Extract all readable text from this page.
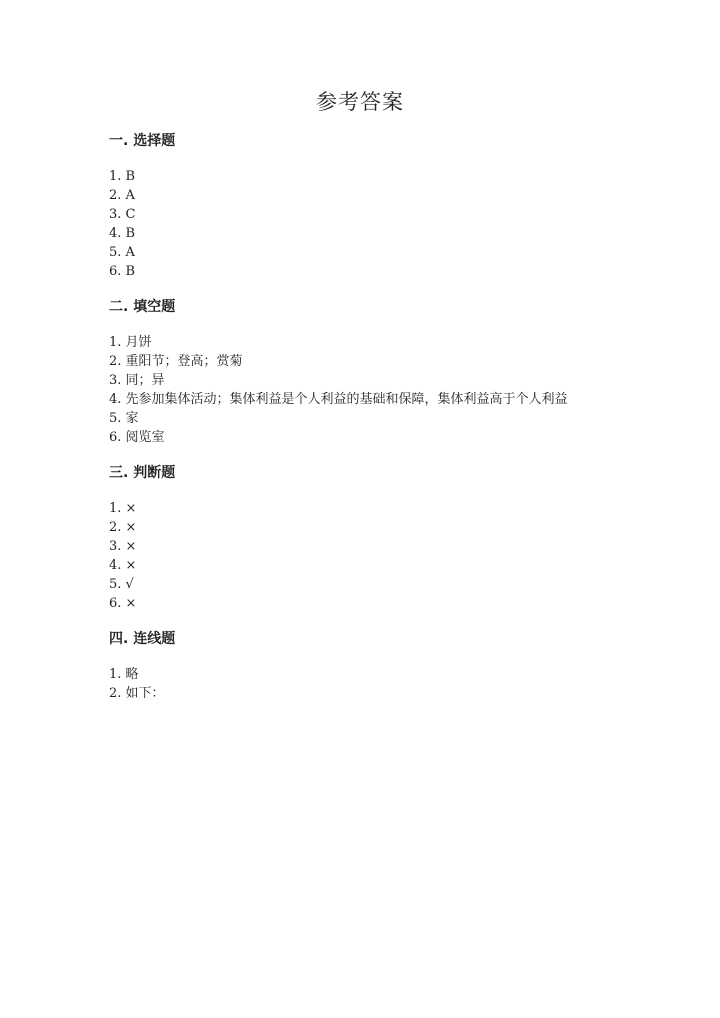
参考答案
一. 选择题
1. B
2. A
3. C
4. B
5. A
6. B
二. 填空题
1. 月饼
2. 重阳节；登高；赏菊
3. 同；异
4. 先参加集体活动；集体利益是个人利益的基础和保障，集体利益高于个人利益
5. 家
6. 阅览室
三. 判断题
1. ×
2. ×
3. ×
4. ×
5. √
6. ×
四. 连线题
1. 略
2. 如下：
